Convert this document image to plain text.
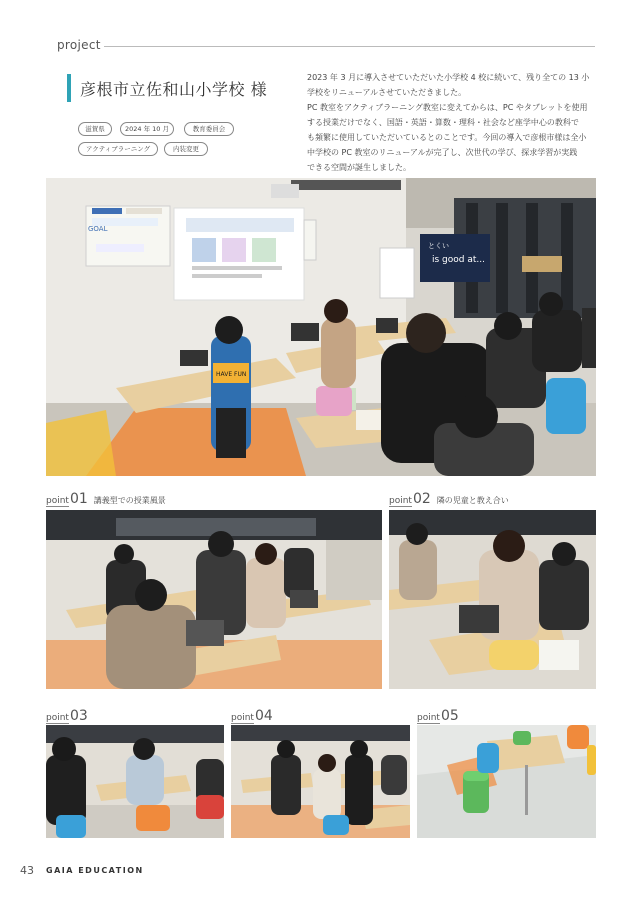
project
彦根市立佐和山小学校 様
滋賀県	2024 年 10 月	教育委員会
アクティブラーニング	内装変更

2023 年 3 月に導入させていただいた小学校 4 校に続いて、残り全ての 13 小

学校をリニューアルさせていただきました。

PC 教室をアクティブラーニング教室に変えてからは、PC やタブレットを使用

する授業だけでなく、国語・英語・算数・理科・社会など座学中心の教科で

も頻繁に使用していただいているとのことです。今回の導入で彦根市様は全小

中学校の PC 教室のリニューアルが完了し、次世代の学び、探求学習が実践

できる空間が誕生しました。

GOAL
とくい
is good at...
HAVE FUN
point01 講義型での授業風景	point02 隣の児童と教え合い
point03	point04	point05
43 GAIA EDUCATION
